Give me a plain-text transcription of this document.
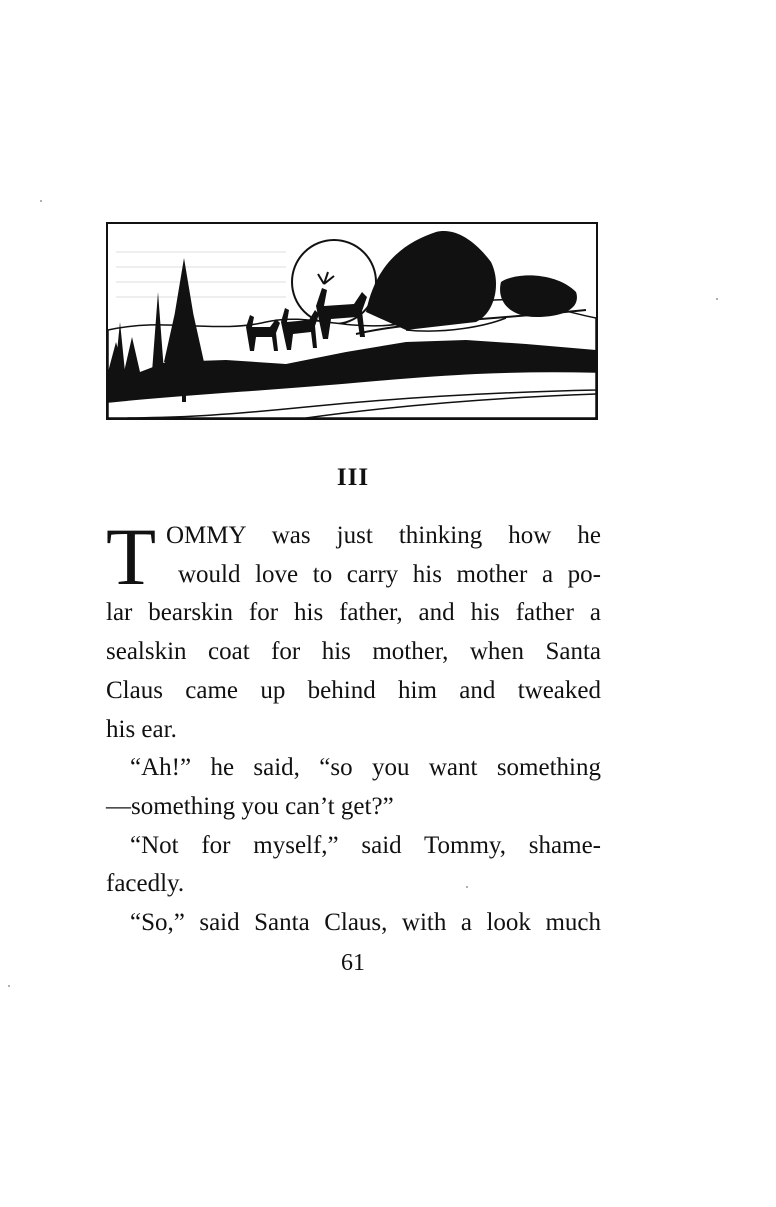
III
T OMMY was just thinking how he
would love to carry his mother a po-
lar bearskin for his father, and his father a
sealskin coat for his mother, when Santa
Claus came up behind him and tweaked
his ear.
“Ah!” he said, “so you want something
—something you can’t get?”
“Not for myself,” said Tommy, shame-
facedly.
“So,” said Santa Claus, with a look much
61
